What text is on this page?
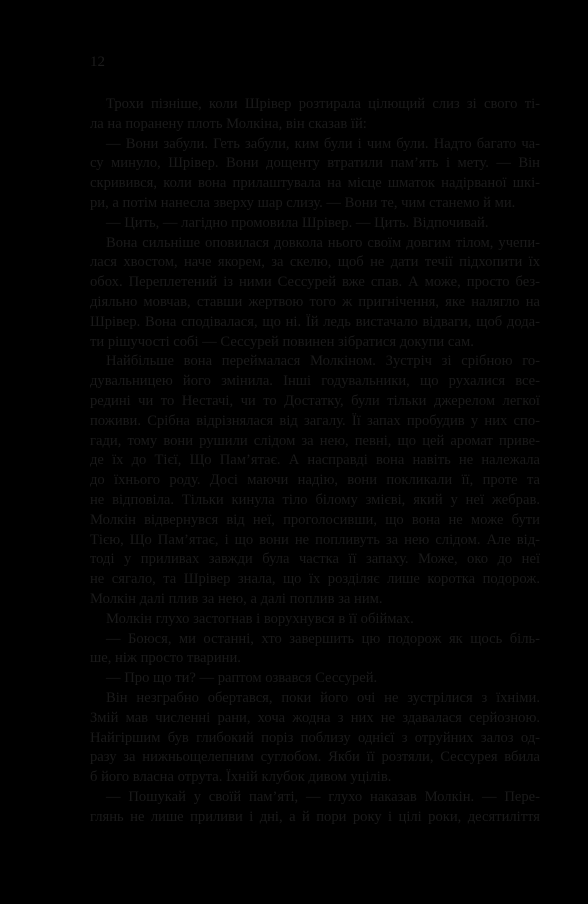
12
Трохи пізніше, коли Шрівер розтирала цілющий слиз зі свого ті-
ла на поранену плоть Молкіна, він сказав їй:
— Вони забули. Геть забули, ким були і чим були. Надто багато ча-
су минуло, Шрівер. Вони дощенту втратили пам’ять і мету. — Він
скривився, коли вона прилаштувала на місце шматок надірваної шкі-
ри, а потім нанесла зверху шар слизу. — Вони те, чим станемо й ми.
— Цить, — лагідно промовила Шрівер. — Цить. Відпочивай.
Вона сильніше оповилася довкола нього своїм довгим тілом, учепи-
лася хвостом, наче якорем, за скелю, щоб не дати течії підхопити їх
обох. Переплетений із ними Сессурей вже спав. А може, просто без-
діяльно мовчав, ставши жертвою того ж пригнічення, яке налягло на
Шрівер. Вона сподівалася, що ні. Їй ледь вистачало відваги, щоб дода-
ти рішучості собі — Сессурей повинен зібратися докупи сам.
Найбільше вона переймалася Молкіном. Зустріч зі срібною го-
дувальницею його змінила. Інші годувальники, що рухалися все-
редині чи то Нестачі, чи то Достатку, були тільки джерелом легкої
поживи. Срібна відрізнялася від загалу. Її запах пробудив у них спо-
гади, тому вони рушили слідом за нею, певні, що цей аромат приве-
де їх до Тієї, Що Пам’ятає. А насправді вона навіть не належала
до їхнього роду. Досі маючи надію, вони покликали її, проте та
не відповіла. Тільки кинула тіло білому змієві, який у неї жебрав.
Молкін відвернувся від неї, проголосивши, що вона не може бути
Тією, Що Пам’ятає, і що вони не попливуть за нею слідом. Але від-
тоді у приливах завжди була частка її запаху. Може, око до неї
не сягало, та Шрівер знала, що їх розділяє лише коротка подорож.
Молкін далі плив за нею, а далі поплив за ним.
Молкін глухо застогнав і ворухнувся в її обіймах.
— Боюся, ми останні, хто завершить цю подорож як щось біль-
ше, ніж просто тварини.
— Про що ти? — раптом озвався Сессурей.
Він незграбно обертався, поки його очі не зустрілися з їхніми.
Змій мав численні рани, хоча жодна з них не здавалася серйозною.
Найгіршим був глибокий поріз поблизу однієї з отруйних залоз од-
разу за нижньощелепним суглобом. Якби її розтяли, Сессурея вбила
б його власна отрута. Їхній клубок дивом уцілів.
— Пошукай у своїй пам’яті, — глухо наказав Молкін. — Пере-
глянь не лише приливи і дні, а й пори року і цілі роки, десятиліття
